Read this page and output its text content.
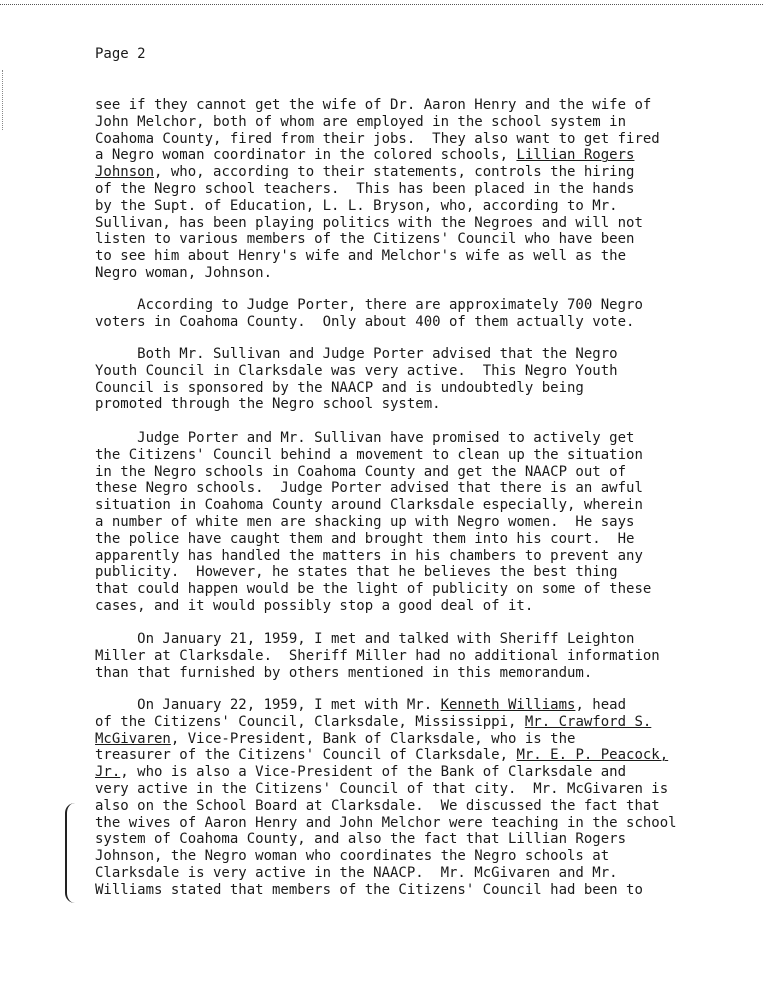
Page 2

see if they cannot get the wife of Dr. Aaron Henry and the wife of
John Melchor, both of whom are employed in the school system in
Coahoma County, fired from their jobs.  They also want to get fired
a Negro woman coordinator in the colored schools, Lillian Rogers
Johnson, who, according to their statements, controls the hiring
of the Negro school teachers.  This has been placed in the hands
by the Supt. of Education, L. L. Bryson, who, according to Mr.
Sullivan, has been playing politics with the Negroes and will not
listen to various members of the Citizens' Council who have been
to see him about Henry's wife and Melchor's wife as well as the
Negro woman, Johnson.

According to Judge Porter, there are approximately 700 Negro
voters in Coahoma County.  Only about 400 of them actually vote.

Both Mr. Sullivan and Judge Porter advised that the Negro
Youth Council in Clarksdale was very active.  This Negro Youth
Council is sponsored by the NAACP and is undoubtedly being
promoted through the Negro school system.

Judge Porter and Mr. Sullivan have promised to actively get
the Citizens' Council behind a movement to clean up the situation
in the Negro schools in Coahoma County and get the NAACP out of
these Negro schools.  Judge Porter advised that there is an awful
situation in Coahoma County around Clarksdale especially, wherein
a number of white men are shacking up with Negro women.  He says
the police have caught them and brought them into his court.  He
apparently has handled the matters in his chambers to prevent any
publicity.  However, he states that he believes the best thing
that could happen would be the light of publicity on some of these
cases, and it would possibly stop a good deal of it.

On January 21, 1959, I met and talked with Sheriff Leighton
Miller at Clarksdale.  Sheriff Miller had no additional information
than that furnished by others mentioned in this memorandum.

On January 22, 1959, I met with Mr. Kenneth Williams, head
of the Citizens' Council, Clarksdale, Mississippi, Mr. Crawford S.
McGivaren, Vice-President, Bank of Clarksdale, who is the
treasurer of the Citizens' Council of Clarksdale, Mr. E. P. Peacock,
Jr., who is also a Vice-President of the Bank of Clarksdale and
very active in the Citizens' Council of that city.  Mr. McGivaren is
also on the School Board at Clarksdale.  We discussed the fact that
the wives of Aaron Henry and John Melchor were teaching in the school
system of Coahoma County, and also the fact that Lillian Rogers
Johnson, the Negro woman who coordinates the Negro schools at
Clarksdale is very active in the NAACP.  Mr. McGivaren and Mr.
Williams stated that members of the Citizens' Council had been to
